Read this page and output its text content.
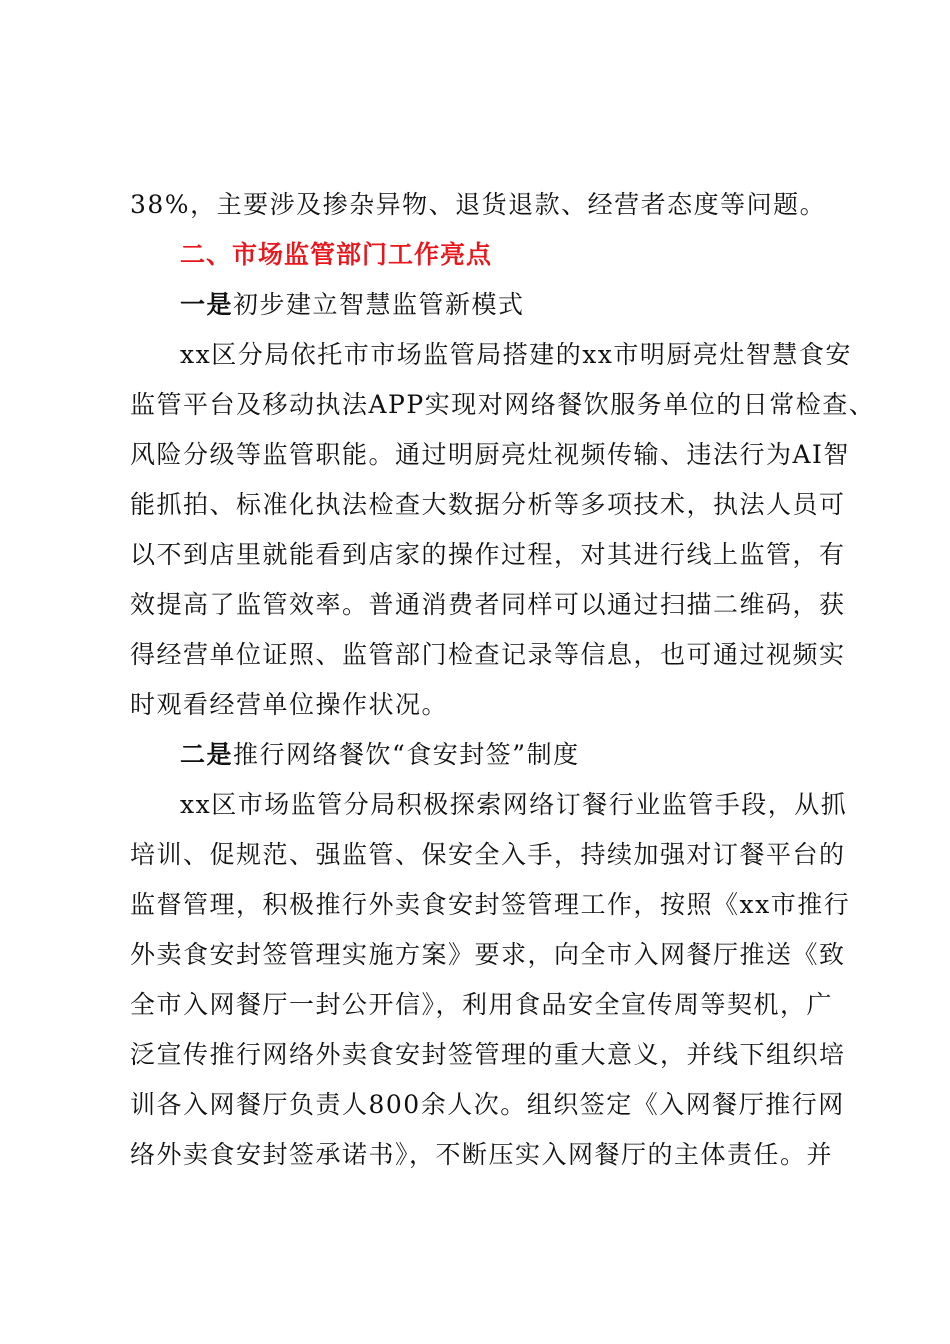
38%，主要涉及掺杂异物、退货退款、经营者态度等问题。
二、市场监管部门工作亮点
一是初步建立智慧监管新模式
xx区分局依托市市场监管局搭建的xx市明厨亮灶智慧食安
监管平台及移动执法APP实现对网络餐饮服务单位的日常检查、
风险分级等监管职能。通过明厨亮灶视频传输、违法行为AI智
能抓拍、标准化执法检查大数据分析等多项技术，执法人员可
以不到店里就能看到店家的操作过程，对其进行线上监管，有
效提高了监管效率。普通消费者同样可以通过扫描二维码，获
得经营单位证照、监管部门检查记录等信息，也可通过视频实
时观看经营单位操作状况。
二是推行网络餐饮“食安封签”制度
xx区市场监管分局积极探索网络订餐行业监管手段，从抓
培训、促规范、强监管、保安全入手，持续加强对订餐平台的
监督管理，积极推行外卖食安封签管理工作，按照《xx市推行
外卖食安封签管理实施方案》要求，向全市入网餐厅推送《致
全市入网餐厅一封公开信》，利用食品安全宣传周等契机，广
泛宣传推行网络外卖食安封签管理的重大意义，并线下组织培
训各入网餐厅负责人800余人次。组织签定《入网餐厅推行网
络外卖食安封签承诺书》，不断压实入网餐厅的主体责任。并
